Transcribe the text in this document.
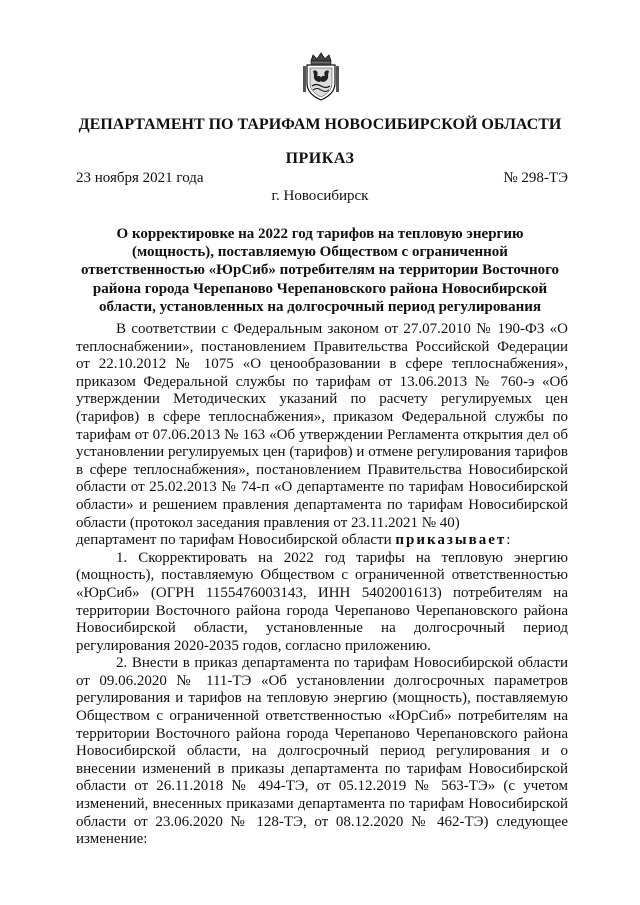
ДЕПАРТАМЕНТ ПО ТАРИФАМ НОВОСИБИРСКОЙ ОБЛАСТИ
ПРИКАЗ
23 ноября 2021 года	№ 298-ТЭ
г. Новосибирск
О корректировке на 2022 год тарифов на тепловую энергию (мощность), поставляемую Обществом с ограниченной ответственностью «ЮрСиб» потребителям на территории Восточного района города Черепаново Черепановского района Новосибирской области, установленных на долгосрочный период регулирования

В соответствии с Федеральным законом от 27.07.2010 № 190-ФЗ «О теплоснабжении», постановлением Правительства Российской Федерации от 22.10.2012 № 1075 «О ценообразовании в сфере теплоснабжения», приказом Федеральной службы по тарифам от 13.06.2013 № 760-э «Об утверждении Методических указаний по расчету регулируемых цен (тарифов) в сфере теплоснабжения», приказом Федеральной службы по тарифам от 07.06.2013 № 163 «Об утверждении Регламента открытия дел об установлении регулируемых цен (тарифов) и отмене регулирования тарифов в сфере теплоснабжения», постановлением Правительства Новосибирской области от 25.02.2013 № 74-п «О департаменте по тарифам Новосибирской области» и решением правления департамента по тарифам Новосибирской области (протокол заседания правления от 23.11.2021 № 40)

департамент по тарифам Новосибирской области приказывает:

1. Скорректировать на 2022 год тарифы на тепловую энергию (мощность), поставляемую Обществом с ограниченной ответственностью «ЮрСиб» (ОГРН 1155476003143, ИНН 5402001613) потребителям на территории Восточного района города Черепаново Черепановского района Новосибирской области, установленные на долгосрочный период регулирования 2020-2035 годов, согласно приложению.

2. Внести в приказ департамента по тарифам Новосибирской области от 09.06.2020 № 111-ТЭ «Об установлении долгосрочных параметров регулирования и тарифов на тепловую энергию (мощность), поставляемую Обществом с ограниченной ответственностью «ЮрСиб» потребителям на территории Восточного района города Черепаново Черепановского района Новосибирской области, на долгосрочный период регулирования и о внесении изменений в приказы департамента по тарифам Новосибирской области от 26.11.2018 № 494-ТЭ, от 05.12.2019 № 563-ТЭ» (с учетом изменений, внесенных приказами департамента по тарифам Новосибирской области от 23.06.2020 № 128-ТЭ, от 08.12.2020 № 462-ТЭ) следующее изменение:
